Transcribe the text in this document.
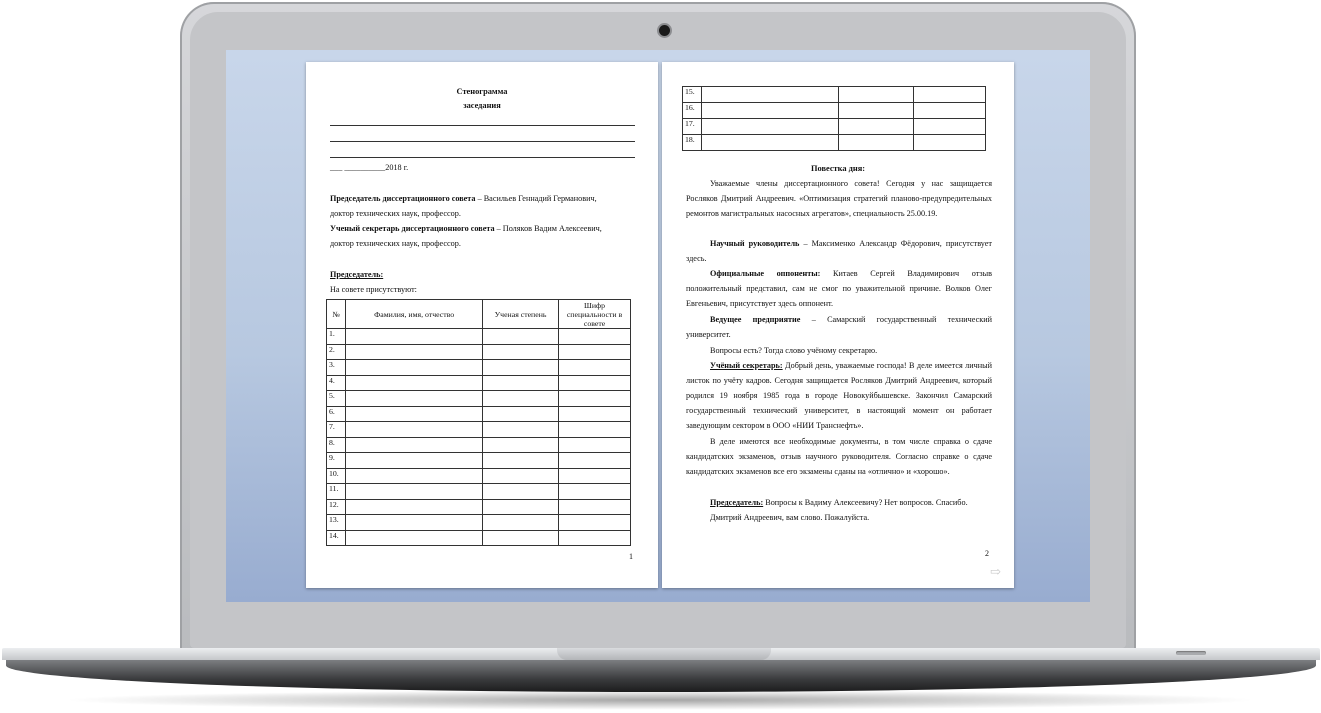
Стенограмма
заседания
___ __________2018 г.
Председатель диссертационного совета – Васильев Геннадий Германович,
доктор технических наук, профессор.
Ученый секретарь диссертационного совета – Поляков Вадим Алексеевич,
доктор технических наук, профессор.
Председатель:
На совете присутствуют:
№	Фамилия, имя, отчество	Ученая степень	Шифр специальности в совете
1.			
2.			
3.			
4.			
5.			
6.			
7.			
8.			
9.			
10.			
11.			
12.			
13.			
14.			
1
15.			
16.			
17.			
18.			
Повестка дня:
Уважаемые члены диссертационного совета! Сегодня у нас защищается Росляков Дмитрий Андреевич. «Оптимизация стратегий планово-предупредительных ремонтов магистральных насосных агрегатов», специальность 25.00.19.
Научный руководитель – Максименко Александр Фёдорович, присутствует здесь.
Официальные оппоненты: Китаев Сергей Владимирович отзыв положительный представил, сам не смог по уважительной причине. Волков Олег Евгеньевич, присутствует здесь оппонент.
Ведущее предприятие – Самарский государственный технический университет.
Вопросы есть? Тогда слово учёному секретарю.
Учёный секретарь: Добрый день, уважаемые господа! В деле имеется личный листок по учёту кадров. Сегодня защищается Росляков Дмитрий Андреевич, который родился 19 ноября 1985 года в городе Новокуйбышевске. Закончил Самарский государственный технический университет, в настоящий момент он работает заведующим сектором в ООО «НИИ Транснефть».
В деле имеются все необходимые документы, в том числе справка о сдаче кандидатских экзаменов, отзыв научного руководителя. Согласно справке о сдаче кандидатских экзаменов все его экзамены сданы на «отлично» и «хорошо».
Председатель: Вопросы к Вадиму Алексеевичу? Нет вопросов. Спасибо.
Дмитрий Андреевич, вам слово. Пожалуйста.
2
⇨
